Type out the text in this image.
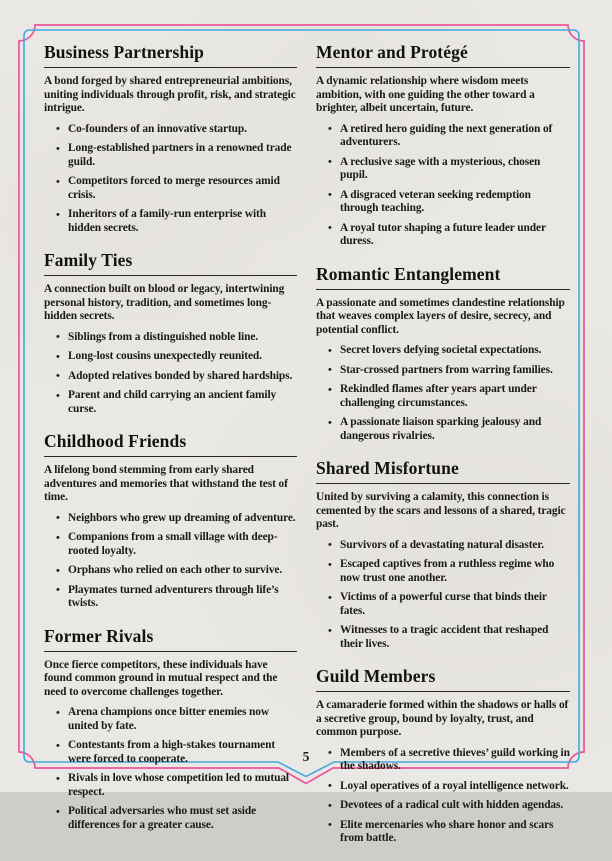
Business Partnership

A bond forged by shared entrepreneurial ambitions, uniting individuals through profit, risk, and strategic intrigue.

• Co-founders of an innovative startup.
• Long-established partners in a renowned trade guild.
• Competitors forced to merge resources amid crisis.
• Inheritors of a family-run enterprise with hidden secrets.
Family Ties

A connection built on blood or legacy, intertwining personal history, tradition, and sometimes long-hidden secrets.

• Siblings from a distinguished noble line.
• Long-lost cousins unexpectedly reunited.
• Adopted relatives bonded by shared hardships.
• Parent and child carrying an ancient family curse.
Childhood Friends

A lifelong bond stemming from early shared adventures and memories that withstand the test of time.

• Neighbors who grew up dreaming of adventure.
• Companions from a small village with deep-rooted loyalty.
• Orphans who relied on each other to survive.
• Playmates turned adventurers through life’s twists.
Former Rivals

Once fierce competitors, these individuals have found common ground in mutual respect and the need to overcome challenges together.

• Arena champions once bitter enemies now united by fate.
• Contestants from a high-stakes tournament were forced to cooperate.
• Rivals in love whose competition led to mutual respect.
• Political adversaries who must set aside differences for a greater cause.
Mentor and Protégé

A dynamic relationship where wisdom meets ambition, with one guiding the other toward a brighter, albeit uncertain, future.

• A retired hero guiding the next generation of adventurers.
• A reclusive sage with a mysterious, chosen pupil.
• A disgraced veteran seeking redemption through teaching.
• A royal tutor shaping a future leader under duress.
Romantic Entanglement

A passionate and sometimes clandestine relationship that weaves complex layers of desire, secrecy, and potential conflict.

• Secret lovers defying societal expectations.
• Star-crossed partners from warring families.
• Rekindled flames after years apart under challenging circumstances.
• A passionate liaison sparking jealousy and dangerous rivalries.
Shared Misfortune

United by surviving a calamity, this connection is cemented by the scars and lessons of a shared, tragic past.

• Survivors of a devastating natural disaster.
• Escaped captives from a ruthless regime who now trust one another.
• Victims of a powerful curse that binds their fates.
• Witnesses to a tragic accident that reshaped their lives.
Guild Members

A camaraderie formed within the shadows or halls of a secretive group, bound by loyalty, trust, and common purpose.

• Members of a secretive thieves’ guild working in the shadows.
• Loyal operatives of a royal intelligence network.
• Devotees of a radical cult with hidden agendas.
• Elite mercenaries who share honor and scars from battle.
5
